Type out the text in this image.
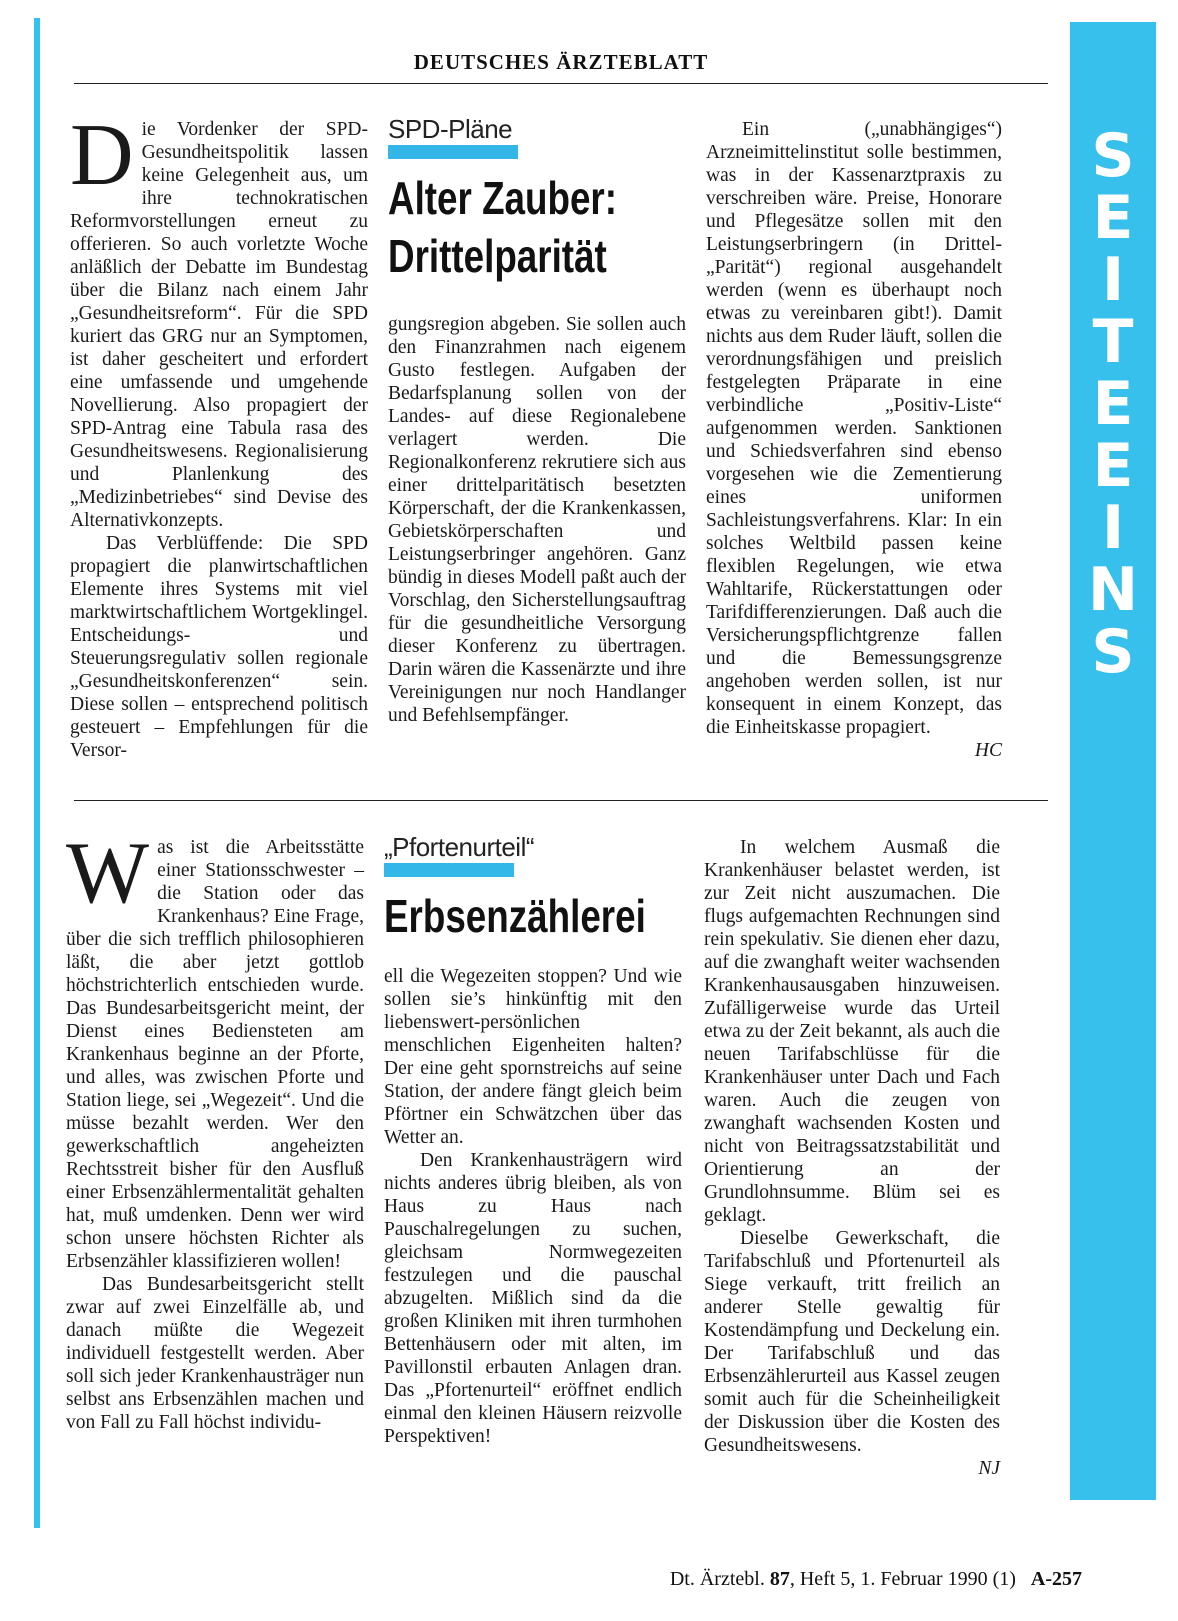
S
E
I
T
E
E
I
N
S
DEUTSCHES ÄRZTEBLATT
D ie Vordenker der SPD-Gesundheitspolitik lassen keine Gelegenheit aus, um ihre technokratischen Reformvorstellungen erneut zu offerieren. So auch vorletzte Woche anläßlich der Debatte im Bundestag über die Bilanz nach einem Jahr „Gesundheitsreform“. Für die SPD kuriert das GRG nur an Symptomen, ist daher gescheitert und erfordert eine umfassende und umgehende Novellierung. Also propagiert der SPD-Antrag eine Tabula rasa des Gesundheitswesens. Regionalisierung und Planlenkung des „Medizinbetriebes“ sind Devise des Alternativkonzepts.

Das Verblüffende: Die SPD propagiert die planwirtschaftlichen Elemente ihres Systems mit viel marktwirtschaftlichem Wortgeklingel. Entscheidungs- und Steuerungsregulativ sollen regionale „Gesundheitskonferenzen“ sein. Diese sollen – entsprechend politisch gesteuert – Empfehlungen für die Versor-

SPD-Pläne
Alter Zauber:
Drittelparität

gungsregion abgeben. Sie sollen auch den Finanzrahmen nach eigenem Gusto festlegen. Aufgaben der Bedarfsplanung sollen von der Landes- auf diese Regionalebene verlagert werden. Die Regionalkonferenz rekrutiere sich aus einer drittelparitätisch besetzten Körperschaft, der die Krankenkassen, Gebietskörperschaften und Leistungserbringer angehören. Ganz bündig in dieses Modell paßt auch der Vorschlag, den Sicherstellungsauftrag für die gesundheitliche Versorgung dieser Konferenz zu übertragen. Darin wären die Kassenärzte und ihre Vereinigungen nur noch Handlanger und Befehlsempfänger.

Ein („unabhängiges“) Arzneimittelinstitut solle bestimmen, was in der Kassenarztpraxis zu verschreiben wäre. Preise, Honorare und Pflegesätze sollen mit den Leistungserbringern (in Drittel-„Parität“) regional ausgehandelt werden (wenn es überhaupt noch etwas zu vereinbaren gibt!). Damit nichts aus dem Ruder läuft, sollen die verordnungsfähigen und preislich festgelegten Präparate in eine verbindliche „Positiv-Liste“ aufgenommen werden. Sanktionen und Schiedsverfahren sind ebenso vorgesehen wie die Zementierung eines uniformen Sachleistungsverfahrens. Klar: In ein solches Weltbild passen keine flexiblen Regelungen, wie etwa Wahltarife, Rückerstattungen oder Tarifdifferenzierungen. Daß auch die Versicherungspflichtgrenze fallen und die Bemessungsgrenze angehoben werden sollen, ist nur konsequent in einem Konzept, das die Einheitskasse propagiert.

HC
W as ist die Arbeitsstätte einer Stationsschwester – die Station oder das Krankenhaus? Eine Frage, über die sich trefflich philosophieren läßt, die aber jetzt gottlob höchstrichterlich entschieden wurde. Das Bundesarbeitsgericht meint, der Dienst eines Bediensteten am Krankenhaus beginne an der Pforte, und alles, was zwischen Pforte und Station liege, sei „Wegezeit“. Und die müsse bezahlt werden. Wer den gewerkschaftlich angeheizten Rechtsstreit bisher für den Ausfluß einer Erbsenzählermentalität gehalten hat, muß umdenken. Denn wer wird schon unsere höchsten Richter als Erbsenzähler klassifizieren wollen!

Das Bundesarbeitsgericht stellt zwar auf zwei Einzelfälle ab, und danach müßte die Wegezeit individuell festgestellt werden. Aber soll sich jeder Krankenhausträger nun selbst ans Erbsenzählen machen und von Fall zu Fall höchst individu-

„Pfortenurteil“
Erbsenzählerei

ell die Wegezeiten stoppen? Und wie sollen sie’s hinkünftig mit den liebenswert-persönlichen menschlichen Eigenheiten halten? Der eine geht spornstreichs auf seine Station, der andere fängt gleich beim Pförtner ein Schwätzchen über das Wetter an.

Den Krankenhausträgern wird nichts anderes übrig bleiben, als von Haus zu Haus nach Pauschalregelungen zu suchen, gleichsam Normwegezeiten festzulegen und die pauschal abzugelten. Mißlich sind da die großen Kliniken mit ihren turmhohen Bettenhäusern oder mit alten, im Pavillonstil erbauten Anlagen dran. Das „Pfortenurteil“ eröffnet endlich einmal den kleinen Häusern reizvolle Perspektiven!

In welchem Ausmaß die Krankenhäuser belastet werden, ist zur Zeit nicht auszumachen. Die flugs aufgemachten Rechnungen sind rein spekulativ. Sie dienen eher dazu, auf die zwanghaft weiter wachsenden Krankenhausausgaben hinzuweisen. Zufälligerweise wurde das Urteil etwa zu der Zeit bekannt, als auch die neuen Tarifabschlüsse für die Krankenhäuser unter Dach und Fach waren. Auch die zeugen von zwanghaft wachsenden Kosten und nicht von Beitragssatzstabilität und Orientierung an der Grundlohnsumme. Blüm sei es geklagt.

Dieselbe Gewerkschaft, die Tarifabschluß und Pfortenurteil als Siege verkauft, tritt freilich an anderer Stelle gewaltig für Kostendämpfung und Deckelung ein. Der Tarifabschluß und das Erbsenzählerurteil aus Kassel zeugen somit auch für die Scheinheiligkeit der Diskussion über die Kosten des Gesundheitswesens.

NJ
Dt. Ärztebl. 87, Heft 5, 1. Februar 1990 (1) A-257
